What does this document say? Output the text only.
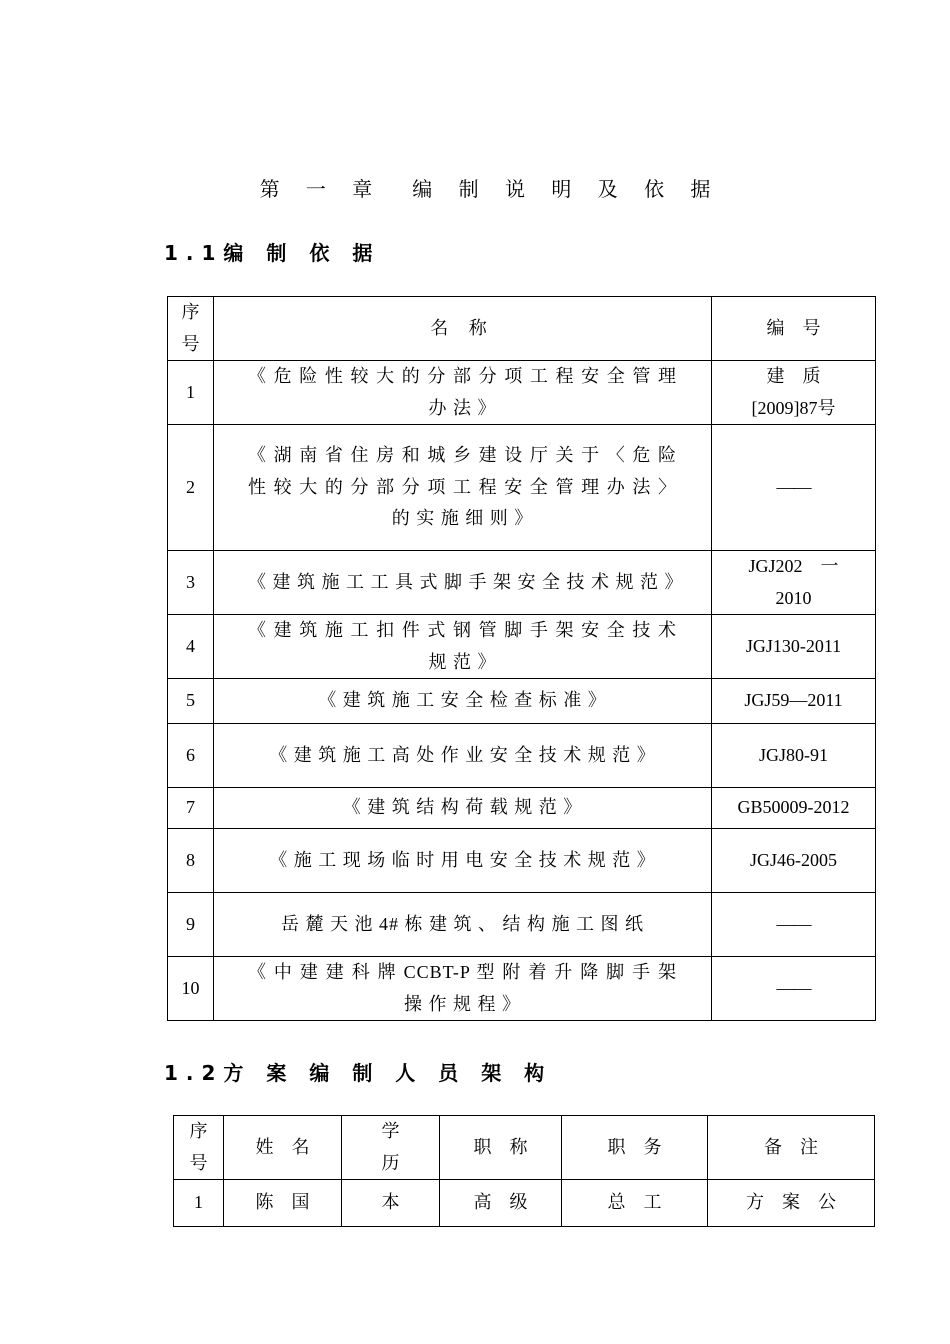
第 一 章　编 制 说 明 及 依 据
1.1编 制 依 据
序号	名 称	编　号
1	《 危 险 性 较 大 的 分 部 分 项 工 程 安 全 管 理 办 法 》	建　质 [2009]87号
2	《 湖 南 省 住 房 和 城 乡 建 设 厅 关 于 〈 危 险 性 较 大 的 分 部 分 项 工 程 安 全 管 理 办 法 〉 的 实 施 细 则 》	——
3	《 建 筑 施 工 工 具 式 脚 手 架 安 全 技 术 规 范 》	JGJ202　一 2010
4	《 建 筑 施 工 扣 件 式 钢 管 脚 手 架 安 全 技 术 规 范 》	JGJ130-2011
5	《 建 筑 施 工 安 全 检 查 标 准 》	JGJ59—2011
6	《 建 筑 施 工 高 处 作 业 安 全 技 术 规 范 》	JGJ80-91
7	《 建 筑 结 构 荷 载 规 范 》	GB50009-2012
8	《 施 工 现 场 临 时 用 电 安 全 技 术 规 范 》	JGJ46-2005
9	岳 麓 天 池 4# 栋 建 筑 、 结 构 施 工 图 纸	——
10	《 中 建 建 科 牌 CCBT-P 型 附 着 升 降 脚 手 架 操 作 规 程 》	——
1.2方 案 编 制 人 员 架 构
序号	姓　名	学历	职　称	职　务	备　注
1	陈　国	本	高　级	总　工	方　案　公
